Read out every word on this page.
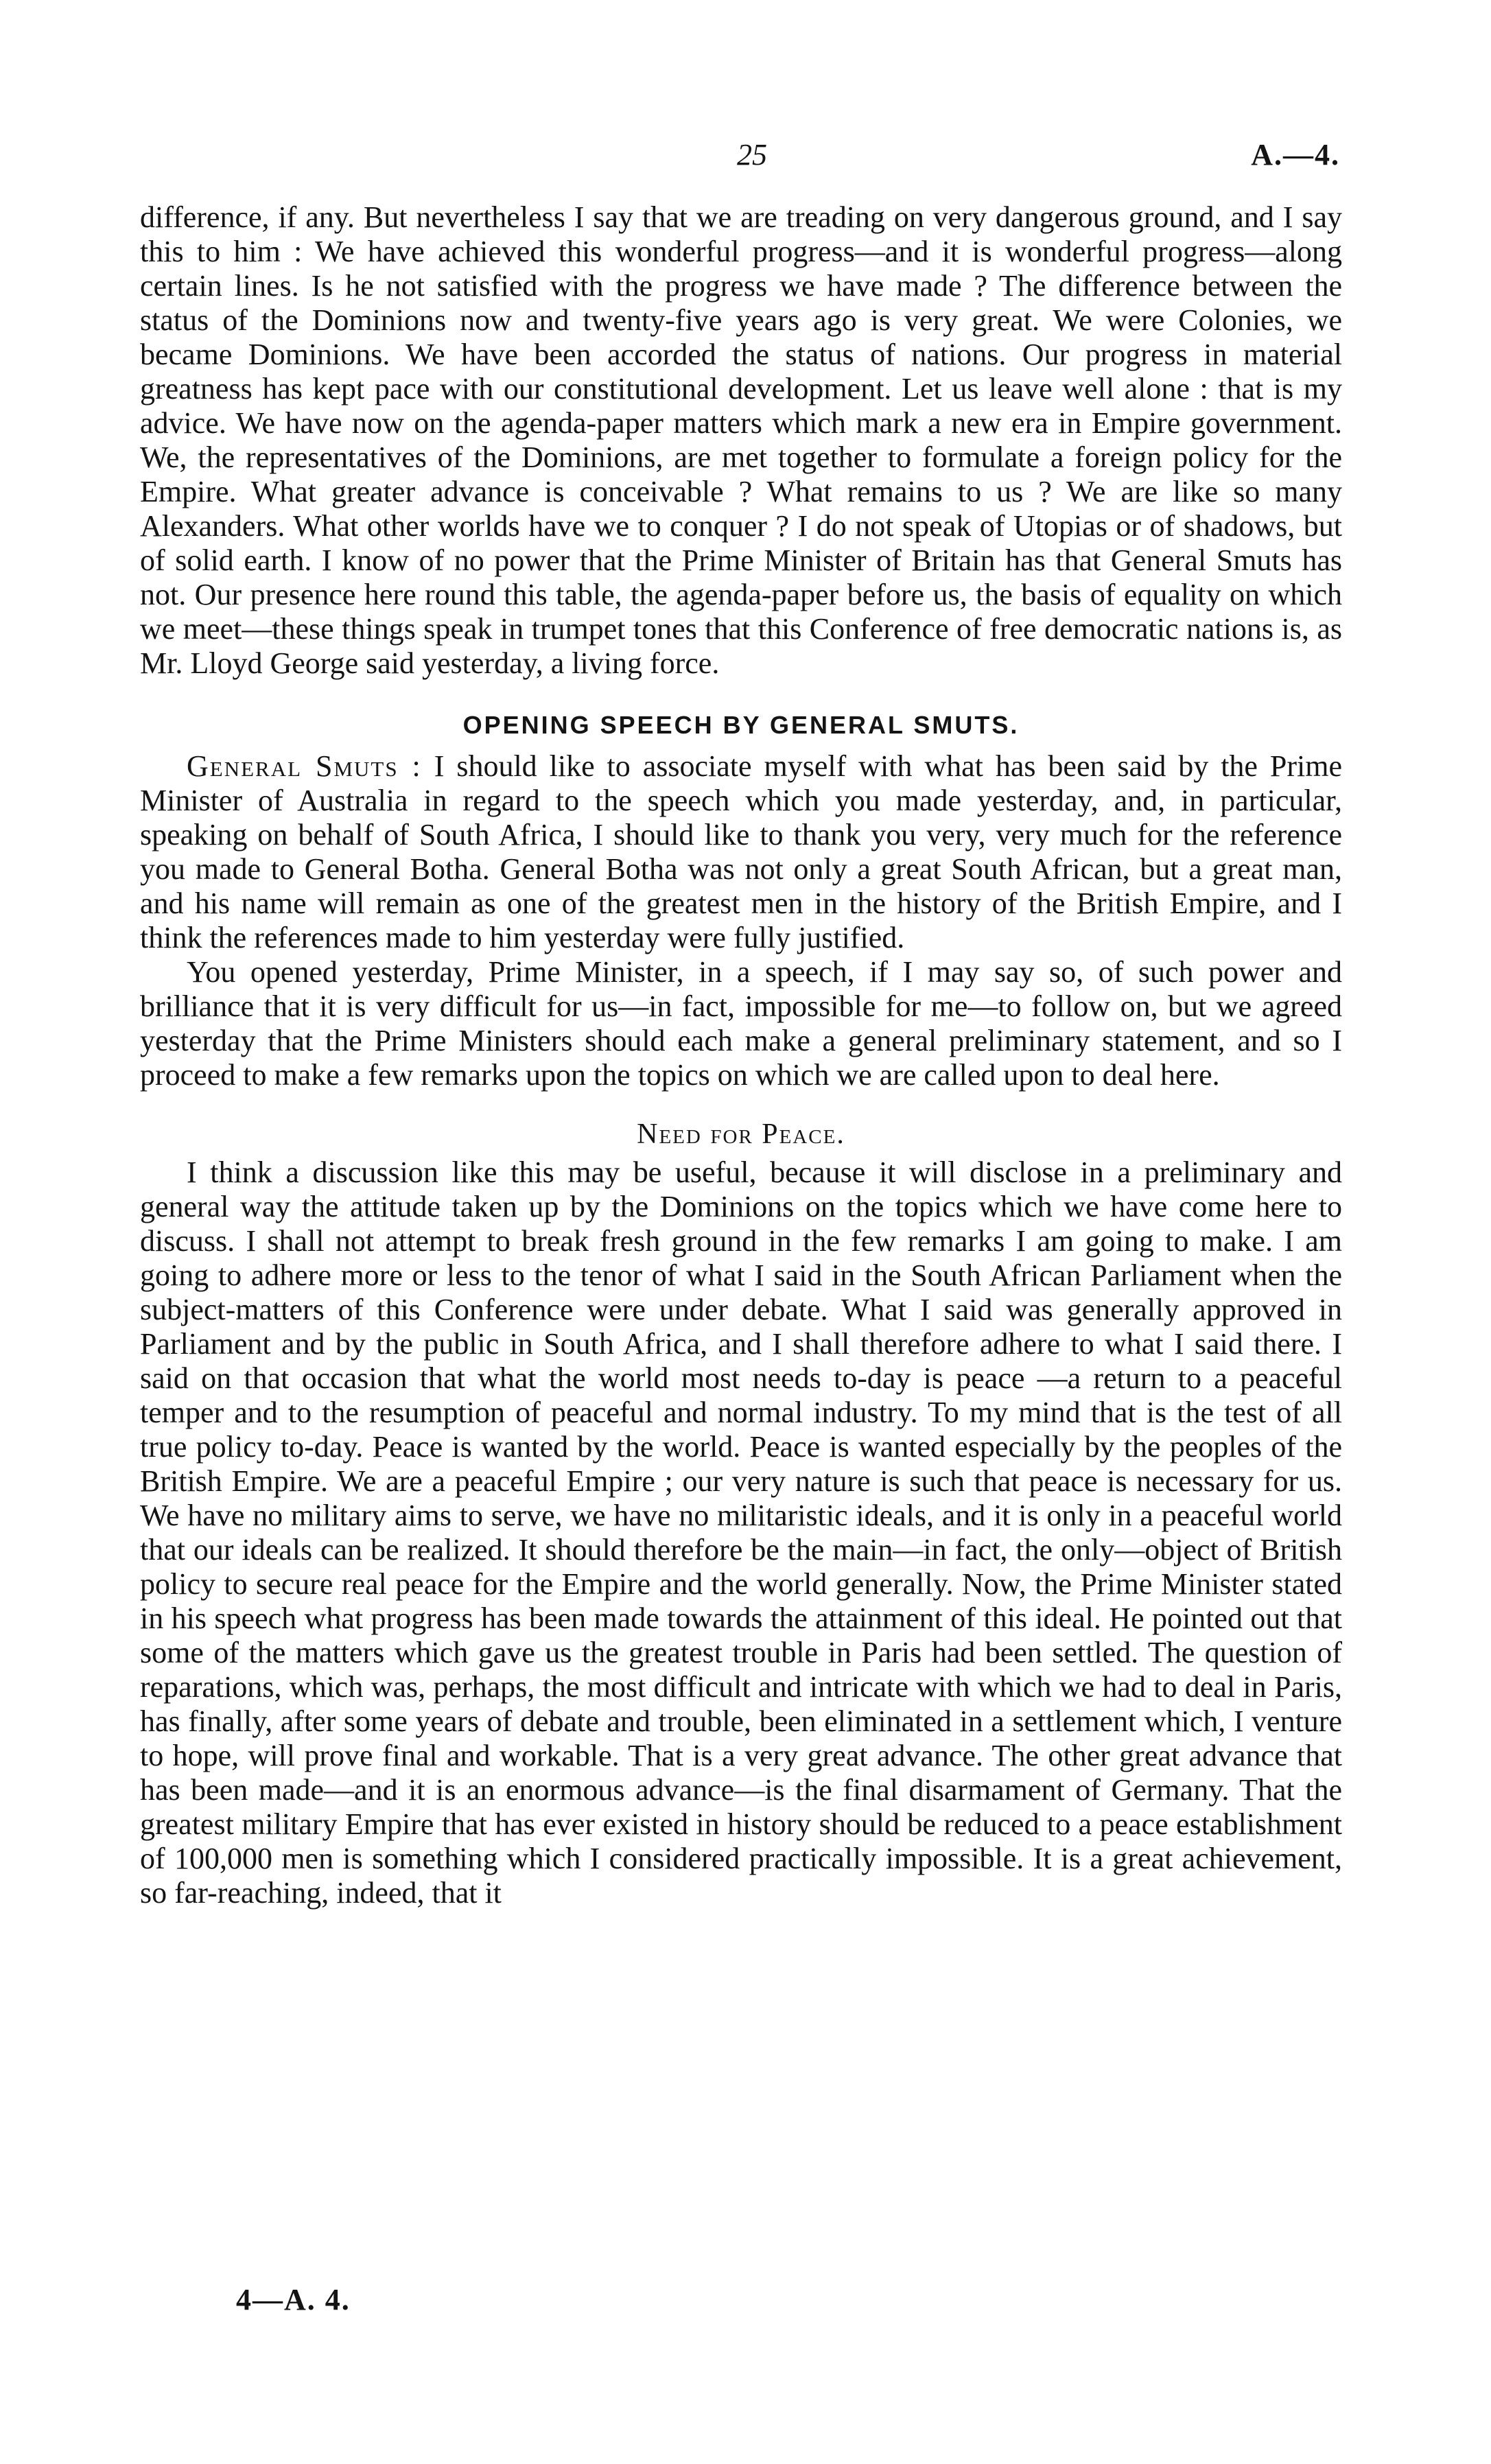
25	A.—4.

difference, if any. But nevertheless I say that we are treading on very dangerous ground, and I say this to him : We have achieved this wonderful progress—and it is wonderful progress—along certain lines. Is he not satisfied with the progress we have made ? The difference between the status of the Dominions now and twenty-five years ago is very great. We were Colonies, we became Dominions. We have been accorded the status of nations. Our progress in material greatness has kept pace with our constitutional development. Let us leave well alone : that is my advice. We have now on the agenda-paper matters which mark a new era in Empire government. We, the representatives of the Dominions, are met together to formulate a foreign policy for the Empire. What greater advance is conceivable ? What remains to us ? We are like so many Alexanders. What other worlds have we to conquer ? I do not speak of Utopias or of shadows, but of solid earth. I know of no power that the Prime Minister of Britain has that General Smuts has not. Our presence here round this table, the agenda-paper before us, the basis of equality on which we meet—these things speak in trumpet tones that this Conference of free democratic nations is, as Mr. Lloyd George said yesterday, a living force.

OPENING SPEECH BY GENERAL SMUTS.

General Smuts : I should like to associate myself with what has been said by the Prime Minister of Australia in regard to the speech which you made yesterday, and, in particular, speaking on behalf of South Africa, I should like to thank you very, very much for the reference you made to General Botha. General Botha was not only a great South African, but a great man, and his name will remain as one of the greatest men in the history of the British Empire, and I think the references made to him yesterday were fully justified.

You opened yesterday, Prime Minister, in a speech, if I may say so, of such power and brilliance that it is very difficult for us—in fact, impossible for me—to follow on, but we agreed yesterday that the Prime Ministers should each make a general preliminary statement, and so I proceed to make a few remarks upon the topics on which we are called upon to deal here.

Need for Peace.

I think a discussion like this may be useful, because it will disclose in a preliminary and general way the attitude taken up by the Dominions on the topics which we have come here to discuss. I shall not attempt to break fresh ground in the few remarks I am going to make. I am going to adhere more or less to the tenor of what I said in the South African Parliament when the subject-matters of this Conference were under debate. What I said was generally approved in Parliament and by the public in South Africa, and I shall therefore adhere to what I said there. I said on that occasion that what the world most needs to-day is peace —a return to a peaceful temper and to the resumption of peaceful and normal industry. To my mind that is the test of all true policy to-day. Peace is wanted by the world. Peace is wanted especially by the peoples of the British Empire. We are a peaceful Empire ; our very nature is such that peace is necessary for us. We have no military aims to serve, we have no militaristic ideals, and it is only in a peaceful world that our ideals can be realized. It should therefore be the main—in fact, the only—object of British policy to secure real peace for the Empire and the world generally. Now, the Prime Minister stated in his speech what progress has been made towards the attainment of this ideal. He pointed out that some of the matters which gave us the greatest trouble in Paris had been settled. The question of reparations, which was, perhaps, the most difficult and intricate with which we had to deal in Paris, has finally, after some years of debate and trouble, been eliminated in a settlement which, I venture to hope, will prove final and workable. That is a very great advance. The other great advance that has been made—and it is an enormous advance—is the final disarmament of Germany. That the greatest military Empire that has ever existed in history should be reduced to a peace establishment of 100,000 men is something which I considered practically impossible. It is a great achievement, so far-reaching, indeed, that it

4—A. 4.
